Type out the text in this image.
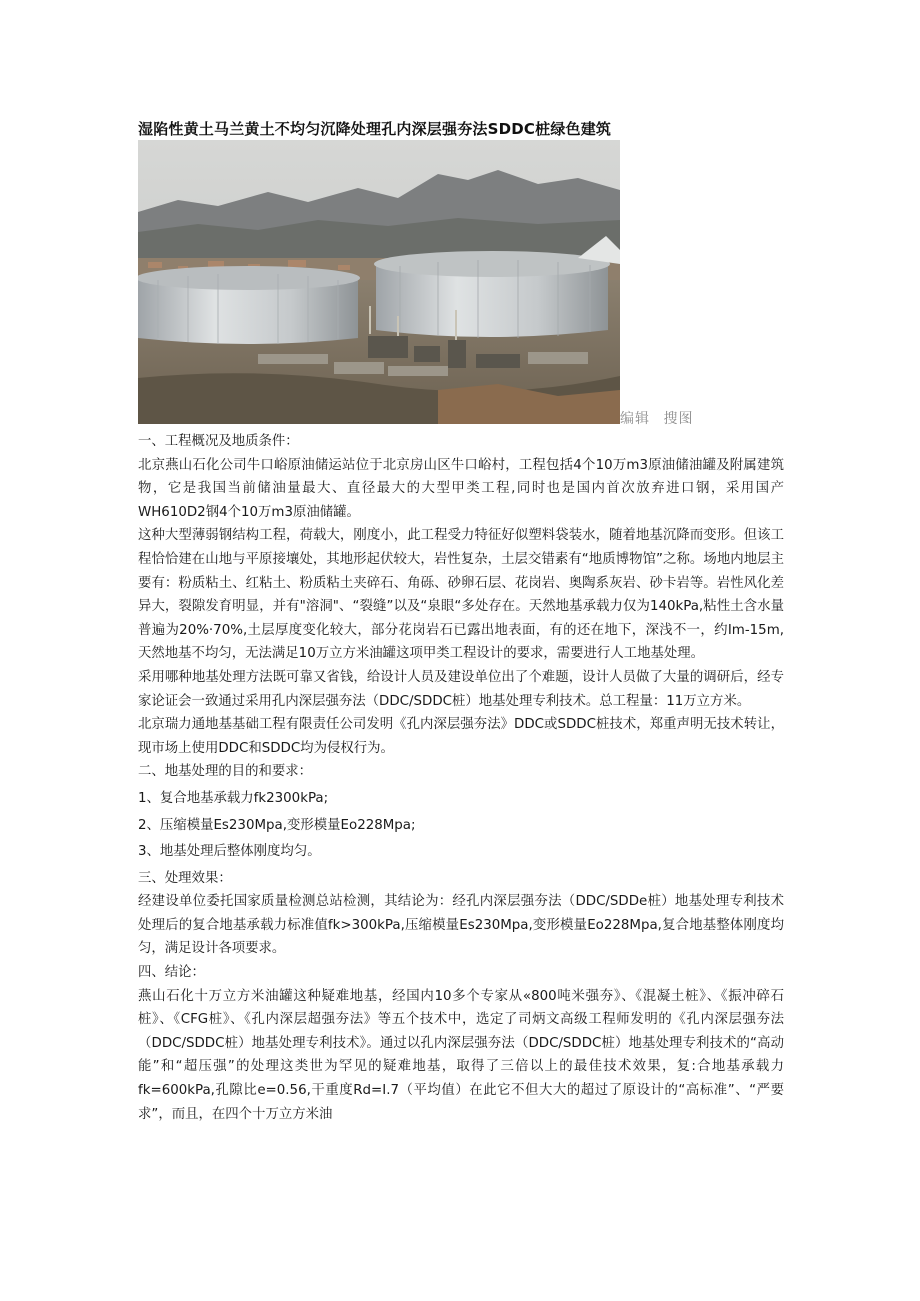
湿陷性黄土马兰黄土不均匀沉降处理孔内深层强夯法SDDC桩绿色建筑
编辑 搜图

一、工程概况及地质条件：

北京燕山石化公司牛口峪原油储运站位于北京房山区牛口峪村，工程包括4个10万m3原油储油罐及附属建筑物，它是我国当前储油量最大、直径最大的大型甲类工程,同时也是国内首次放弃进口钢，采用国产WH610D2钢4个10万m3原油储罐。

这种大型薄弱钢结构工程，荷载大，刚度小，此工程受力特征好似塑料袋装水，随着地基沉降而变形。但该工程恰恰建在山地与平原接壤处，其地形起伏较大，岩性复杂，土层交错素有“地质博物馆”之称。场地内地层主要有：粉质粘土、红粘土、粉质粘土夹碎石、角砾、砂卵石层、花岗岩、奥陶系灰岩、砂卡岩等。岩性风化差异大，裂隙发育明显，并有"溶洞"、“裂缝”以及“泉眼“多处存在。天然地基承载力仅为140kPa,粘性土含水量普遍为20%·70%,土层厚度变化较大，部分花岗岩石已露出地表面，有的还在地下，深浅不一，约Im-15m,天然地基不均匀，无法满足10万立方米油罐这项甲类工程设计的要求，需要进行人工地基处理。

采用哪种地基处理方法既可靠又省钱，给设计人员及建设单位出了个难题，设计人员做了大量的调研后，经专家论证会一致通过采用孔内深层强夯法（DDC∕SDDC桩）地基处理专利技术。总工程量：11万立方米。

北京瑞力通地基基础工程有限责任公司发明《孔内深层强夯法》DDC或SDDC桩技术，郑重声明无技术转让，现市场上使用DDC和SDDC均为侵权行为。

二、地基处理的目的和要求：

1、复合地基承载力fk2300kPa;

2、压缩模量Es230Mpa,变形模量Eo228Mpa;

3、地基处理后整体刚度均匀。

三、处理效果：

经建设单位委托国家质量检测总站检测，其结论为：经孔内深层强夯法（DDC∕SDDe桩）地基处理专利技术处理后的复合地基承载力标准值fk>300kPa,压缩模量Es230Mpa,变形模量Eo228Mpa,复合地基整体刚度均匀，满足设计各项要求。

四、结论：

燕山石化十万立方米油罐这种疑难地基，经国内10多个专家从«800吨米强夯》、《混凝土桩》、《振冲碎石桩》、《CFG桩》、《孔内深层超强夯法》等五个技术中，选定了司炳文高级工程师发明的《孔内深层强夯法（DDC/SDDC桩）地基处理专利技术》。通过以孔内深层强夯法（DDC∕SDDC桩）地基处理专利技术的“高动能”和“超压强”的处理这类世为罕见的疑难地基，取得了三倍以上的最佳技术效果，复:合地基承载力fk=600kPa,孔隙比e=0.56,干重度Rd=I.7（平均值）在此它不但大大的超过了原设计的“高标准”、“严要求”，而且，在四个十万立方米油
